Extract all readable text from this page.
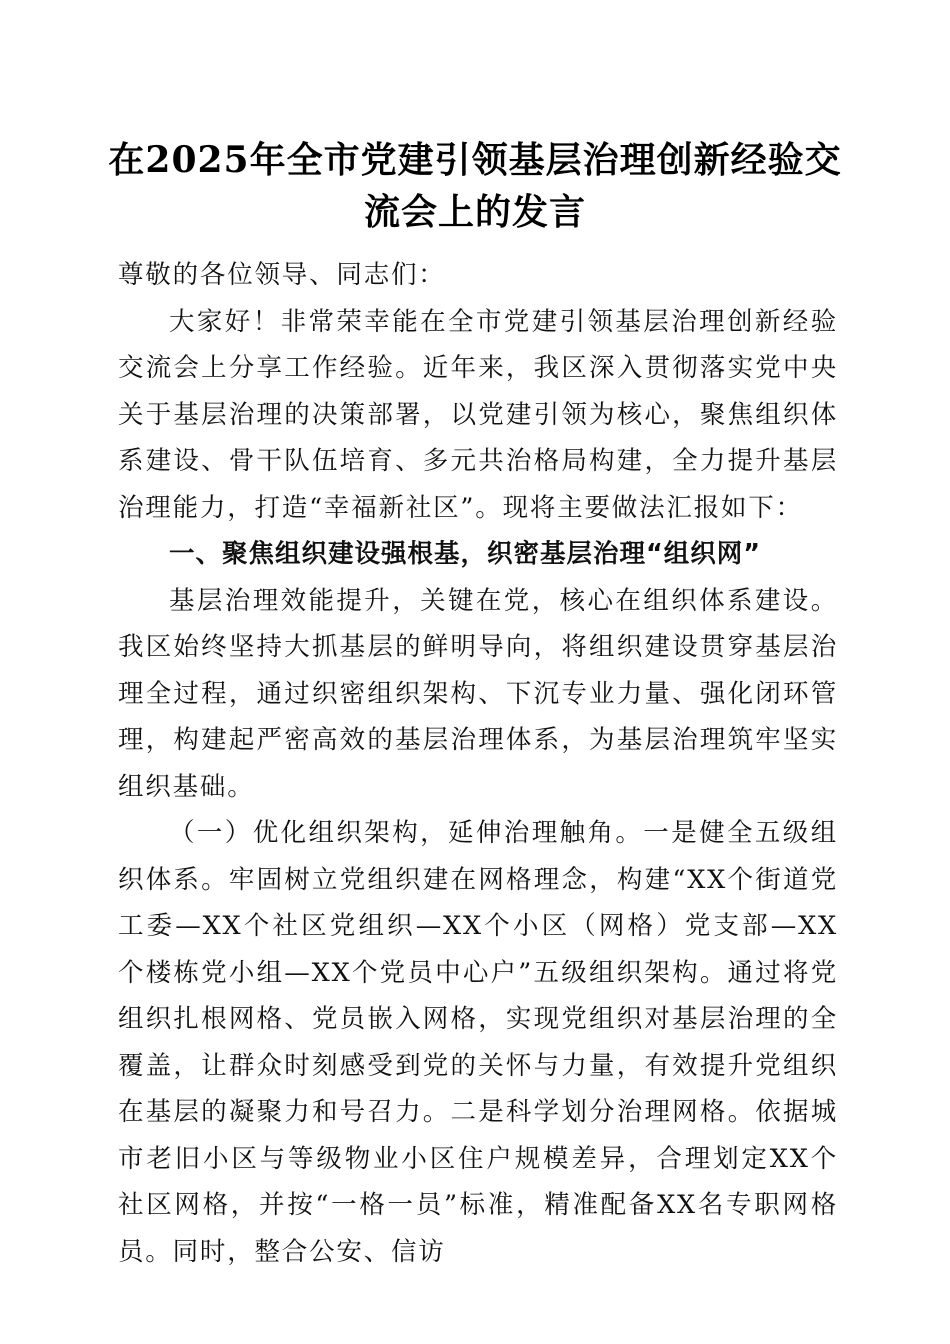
在2025年全市党建引领基层治理创新经验交流会上的发言

尊敬的各位领导、同志们：

大家好！非常荣幸能在全市党建引领基层治理创新经验交流会上分享工作经验。近年来，我区深入贯彻落实党中央关于基层治理的决策部署，以党建引领为核心，聚焦组织体系建设、骨干队伍培育、多元共治格局构建，全力提升基层治理能力，打造“幸福新社区”。现将主要做法汇报如下：

一、聚焦组织建设强根基，织密基层治理“组织网”

基层治理效能提升，关键在党，核心在组织体系建设。我区始终坚持大抓基层的鲜明导向，将组织建设贯穿基层治理全过程，通过织密组织架构、下沉专业力量、强化闭环管理，构建起严密高效的基层治理体系，为基层治理筑牢坚实组织基础。

（一）优化组织架构，延伸治理触角。一是健全五级组织体系。牢固树立党组织建在网格理念，构建“XX个街道党工委—XX个社区党组织—XX个小区（网格）党支部—XX个楼栋党小组—XX个党员中心户”五级组织架构。通过将党组织扎根网格、党员嵌入网格，实现党组织对基层治理的全覆盖，让群众时刻感受到党的关怀与力量，有效提升党组织在基层的凝聚力和号召力。二是科学划分治理网格。依据城市老旧小区与等级物业小区住户规模差异，合理划定XX个社区网格，并按“一格一员”标准，精准配备XX名专职网格员。同时，整合公安、信访
